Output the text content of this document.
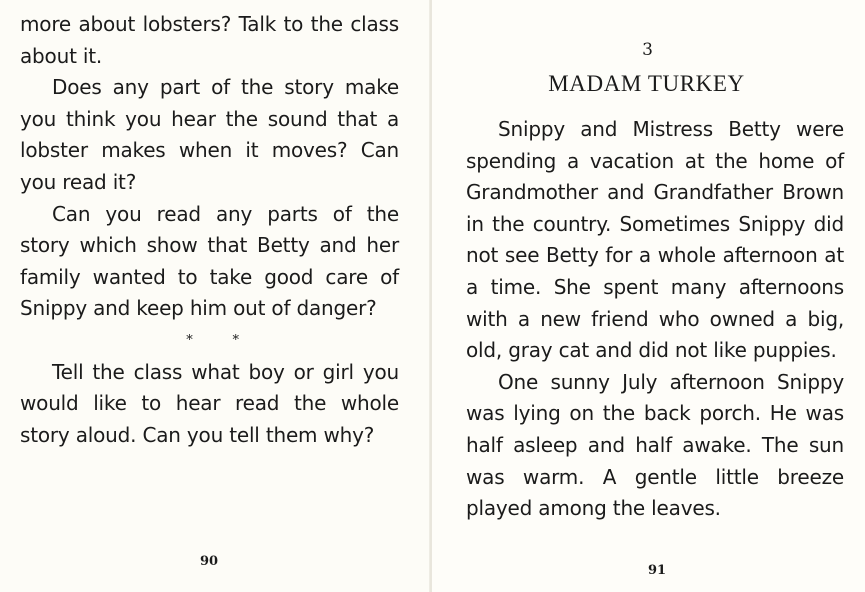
more about lobsters? Talk to the class about it.

Does any part of the story make you think you hear the sound that a lobster makes when it moves? Can you read it?

Can you read any parts of the story which show that Betty and her family wanted to take good care of Snippy and keep him out of danger?

*	*

Tell the class what boy or girl you would like to hear read the whole story aloud. Can you tell them why?

90
3
MADAM TURKEY

Snippy and Mistress Betty were spending a vacation at the home of Grandmother and Grandfather Brown in the country. Sometimes Snippy did not see Betty for a whole afternoon at a time. She spent many afternoons with a new friend who owned a big, old, gray cat and did not like puppies.

One sunny July afternoon Snippy was lying on the back porch. He was half asleep and half awake. The sun was warm. A gentle little breeze played among the leaves.

91
